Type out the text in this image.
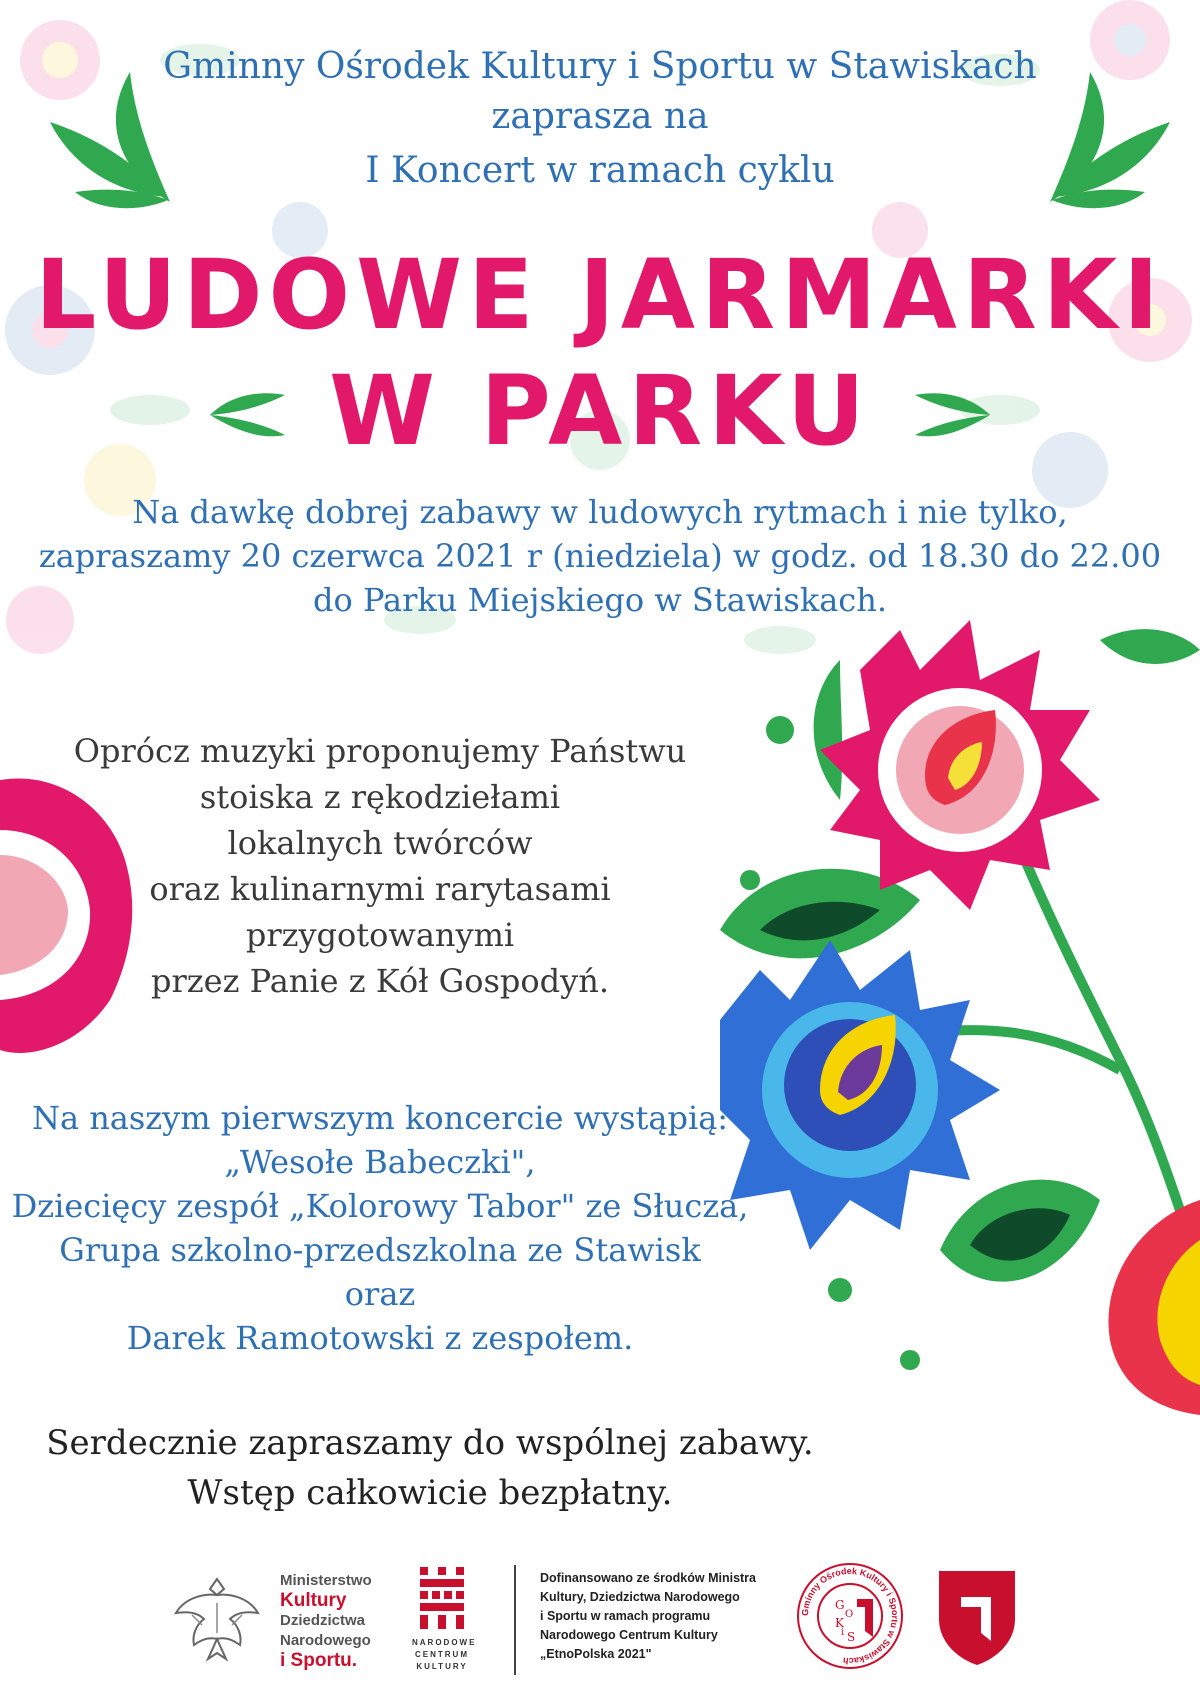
Gminny Ośrodek Kultury i Sportu w Stawiskach

zaprasza na

I Koncert w ramach cyklu

LUDOWE JARMARKI

W PARKU

Na dawkę dobrej zabawy w ludowych rytmach i nie tylko,

zapraszamy 20 czerwca 2021 r (niedziela) w godz. od 18.30 do 22.00

do Parku Miejskiego w Stawiskach.

Oprócz muzyki proponujemy Państwu

stoiska z rękodziełami

lokalnych twórców

oraz kulinarnymi rarytasami

przygotowanymi

przez Panie z Kół Gospodyń.

Na naszym pierwszym koncercie wystąpią:

„Wesołe Babeczki",

Dziecięcy zespół „Kolorowy Tabor" ze Słucza,

Grupa szkolno-przedszkolna ze Stawisk

oraz

Darek Ramotowski z zespołem.

Serdecznie zapraszamy do wspólnej zabawy.

Wstęp całkowicie bezpłatny.

Ministerstwo
Kultury
Dziedzictwa
Narodowego
i Sportu.
NARODOWE
CENTRUM
KULTURY
Dofinansowano ze środków Ministra
Kultury, Dziedzictwa Narodowego
i Sportu w ramach programu
Narodowego Centrum Kultury
„EtnoPolska 2021"
Gminny Ośrodek Kultury i Sportu w Stawiskach
G
O
K
i S
